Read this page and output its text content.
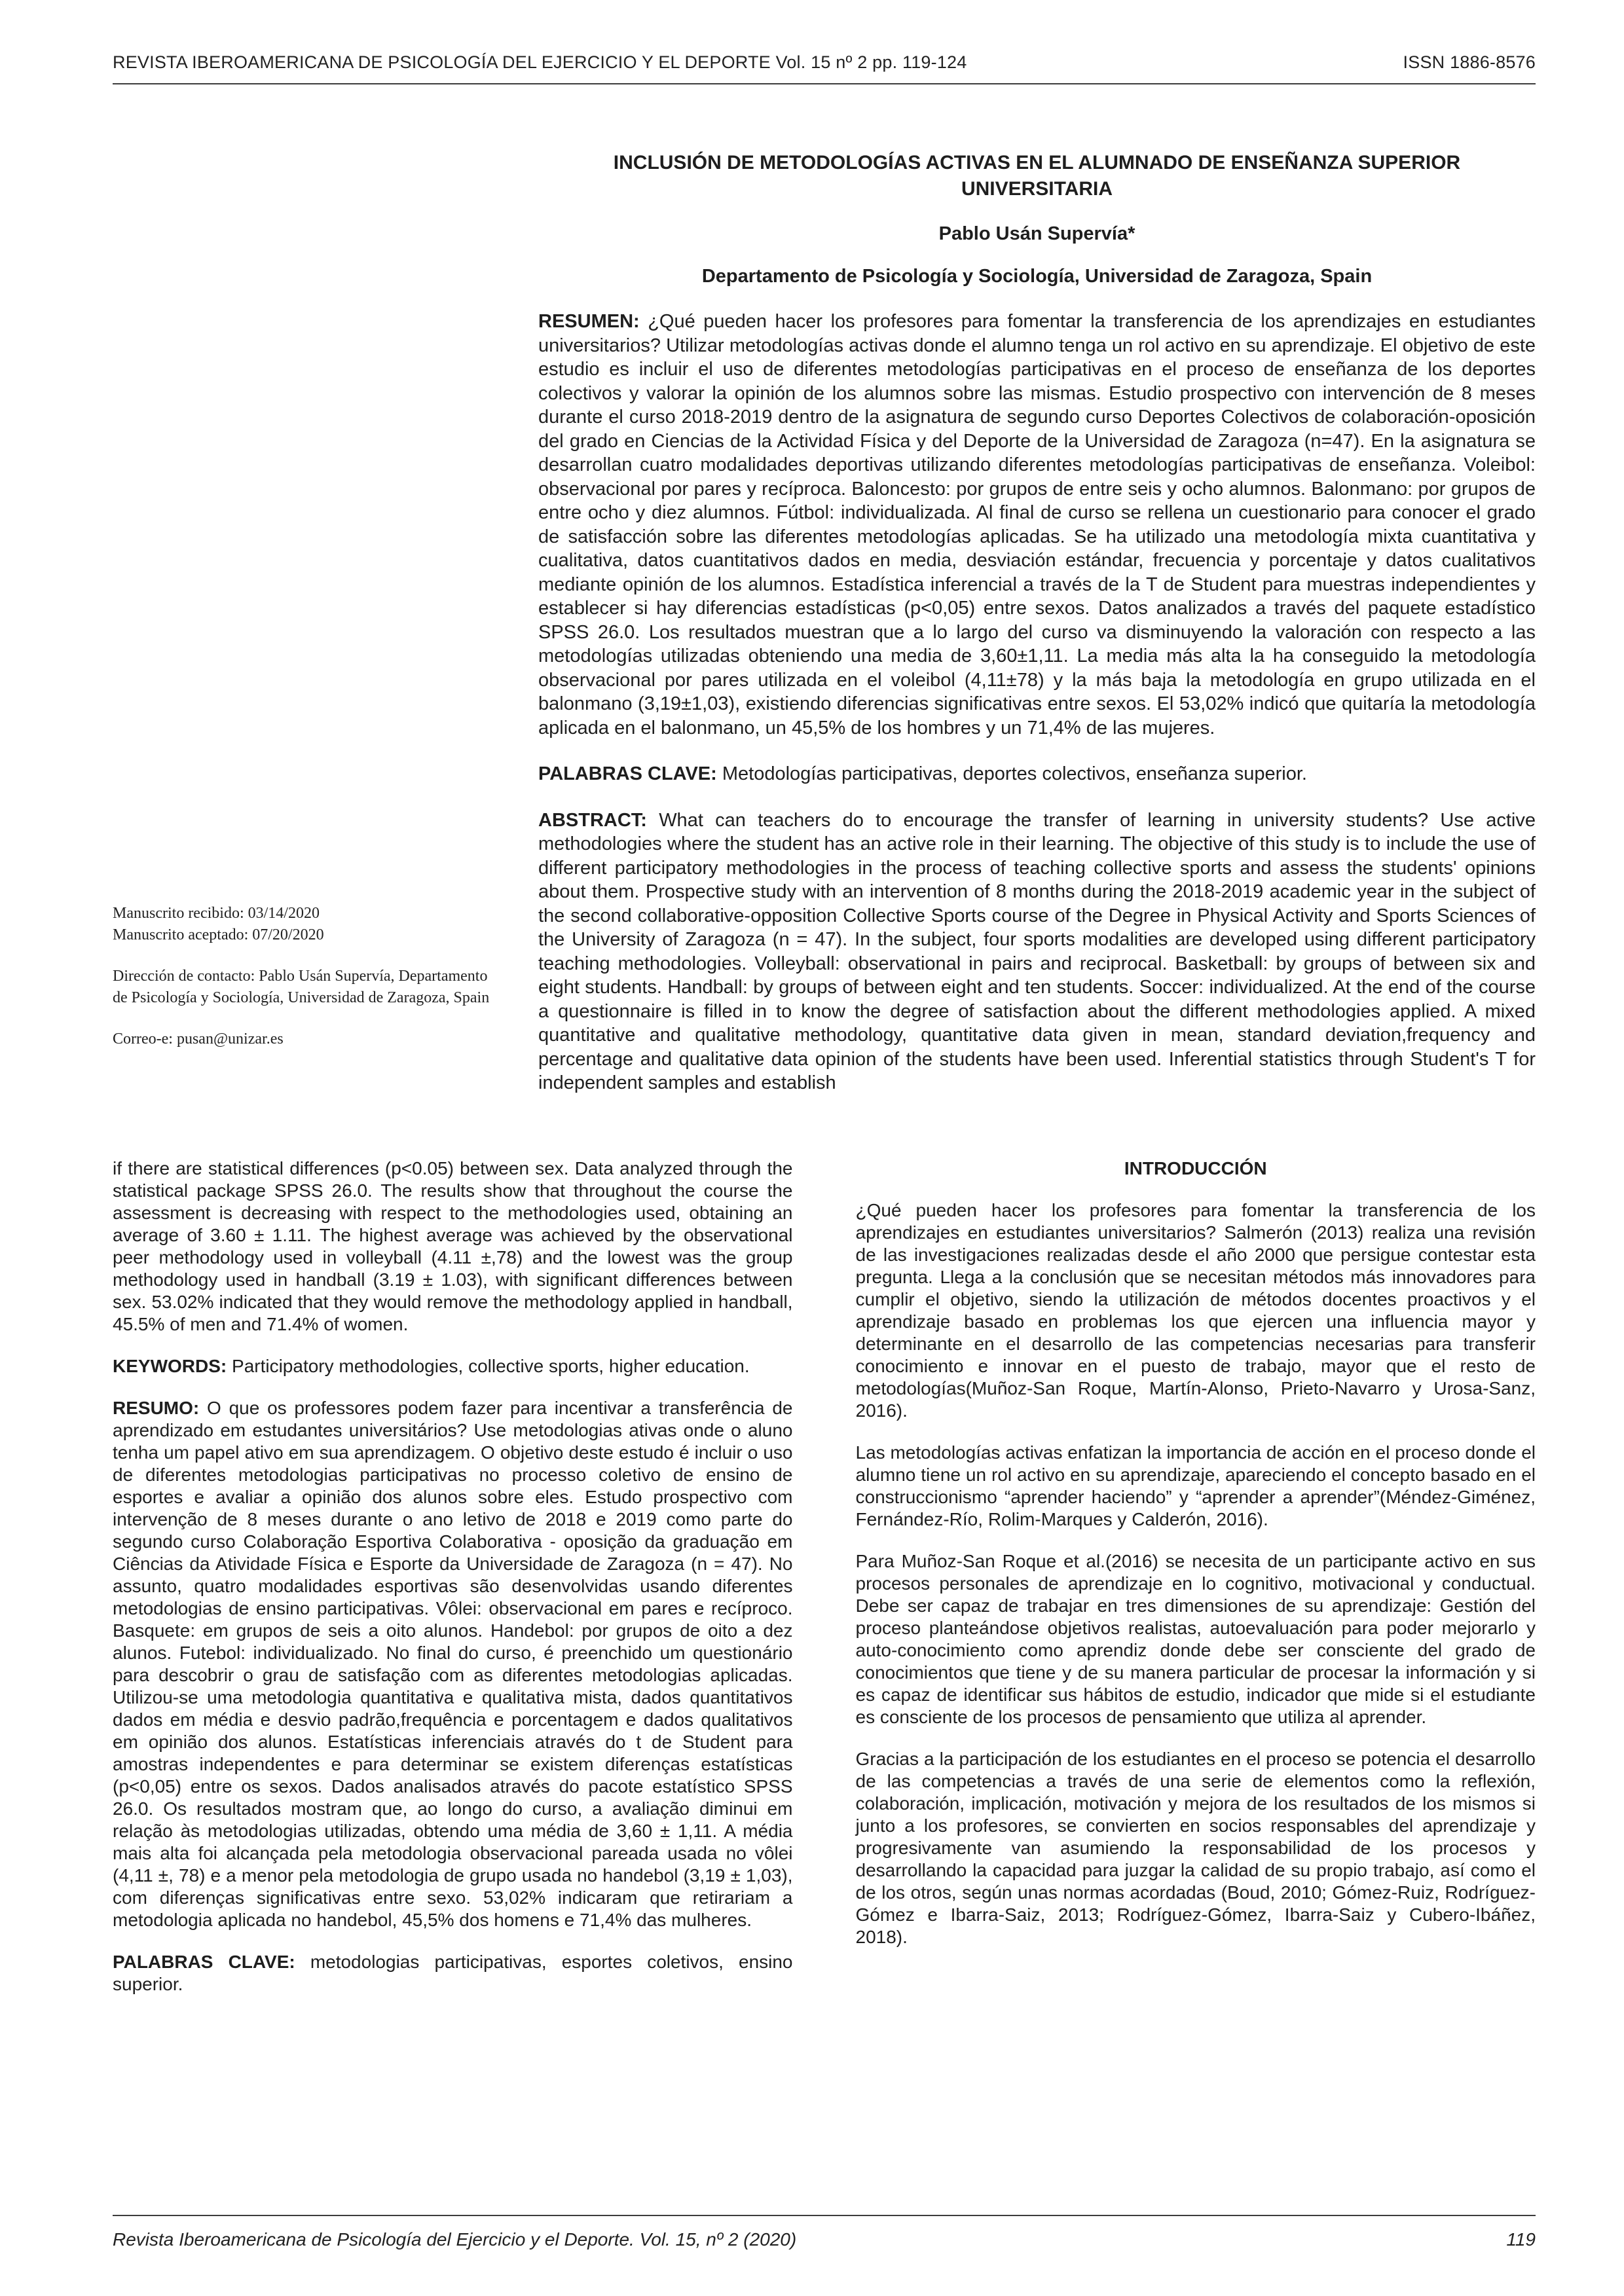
REVISTA IBEROAMERICANA DE PSICOLOGÍA DEL EJERCICIO Y EL DEPORTE Vol. 15 nº 2 pp. 119-124	ISSN 1886-8576

Manuscrito recibido: 03/14/2020

Manuscrito aceptado: 07/20/2020

Dirección de contacto: Pablo Usán Supervía, Departamento de Psicología y Sociología, Universidad de Zaragoza, Spain

Correo-e: pusan@unizar.es

INCLUSIÓN DE METODOLOGÍAS ACTIVAS EN EL ALUMNADO DE ENSEÑANZA SUPERIOR UNIVERSITARIA

Pablo Usán Supervía*

Departamento de Psicología y Sociología, Universidad de Zaragoza, Spain

RESUMEN: ¿Qué pueden hacer los profesores para fomentar la transferencia de los aprendizajes en estudiantes universitarios? Utilizar metodologías activas donde el alumno tenga un rol activo en su aprendizaje. El objetivo de este estudio es incluir el uso de diferentes metodologías participativas en el proceso de enseñanza de los deportes colectivos y valorar la opinión de los alumnos sobre las mismas. Estudio prospectivo con intervención de 8 meses durante el curso 2018-2019 dentro de la asignatura de segundo curso Deportes Colectivos de colaboración-oposición del grado en Ciencias de la Actividad Física y del Deporte de la Universidad de Zaragoza (n=47). En la asignatura se desarrollan cuatro modalidades deportivas utilizando diferentes metodologías participativas de enseñanza. Voleibol: observacional por pares y recíproca. Baloncesto: por grupos de entre seis y ocho alumnos. Balonmano: por grupos de entre ocho y diez alumnos. Fútbol: individualizada. Al final de curso se rellena un cuestionario para conocer el grado de satisfacción sobre las diferentes metodologías aplicadas. Se ha utilizado una metodología mixta cuantitativa y cualitativa, datos cuantitativos dados en media, desviación estándar, frecuencia y porcentaje y datos cualitativos mediante opinión de los alumnos. Estadística inferencial a través de la T de Student para muestras independientes y establecer si hay diferencias estadísticas (p<0,05) entre sexos. Datos analizados a través del paquete estadístico SPSS 26.0. Los resultados muestran que a lo largo del curso va disminuyendo la valoración con respecto a las metodologías utilizadas obteniendo una media de 3,60±1,11. La media más alta la ha conseguido la metodología observacional por pares utilizada en el voleibol (4,11±78) y la más baja la metodología en grupo utilizada en el balonmano (3,19±1,03), existiendo diferencias significativas entre sexos. El 53,02% indicó que quitaría la metodología aplicada en el balonmano, un 45,5% de los hombres y un 71,4% de las mujeres.

PALABRAS CLAVE: Metodologías participativas, deportes colectivos, enseñanza superior.

ABSTRACT: What can teachers do to encourage the transfer of learning in university students? Use active methodologies where the student has an active role in their learning. The objective of this study is to include the use of different participatory methodologies in the process of teaching collective sports and assess the students' opinions about them. Prospective study with an intervention of 8 months during the 2018-2019 academic year in the subject of the second collaborative-opposition Collective Sports course of the Degree in Physical Activity and Sports Sciences of the University of Zaragoza (n = 47). In the subject, four sports modalities are developed using different participatory teaching methodologies. Volleyball: observational in pairs and reciprocal. Basketball: by groups of between six and eight students. Handball: by groups of between eight and ten students. Soccer: individualized. At the end of the course a questionnaire is filled in to know the degree of satisfaction about the different methodologies applied. A mixed quantitative and qualitative methodology, quantitative data given in mean, standard deviation,frequency and percentage and qualitative data opinion of the students have been used. Inferential statistics through Student's T for independent samples and establish

if there are statistical differences (p<0.05) between sex. Data analyzed through the statistical package SPSS 26.0. The results show that throughout the course the assessment is decreasing with respect to the methodologies used, obtaining an average of 3.60 ± 1.11. The highest average was achieved by the observational peer methodology used in volleyball (4.11 ±,78) and the lowest was the group methodology used in handball (3.19 ± 1.03), with significant differences between sex. 53.02% indicated that they would remove the methodology applied in handball, 45.5% of men and 71.4% of women.

KEYWORDS: Participatory methodologies, collective sports, higher education.

RESUMO: O que os professores podem fazer para incentivar a transferência de aprendizado em estudantes universitários? Use metodologias ativas onde o aluno tenha um papel ativo em sua aprendizagem. O objetivo deste estudo é incluir o uso de diferentes metodologias participativas no processo coletivo de ensino de esportes e avaliar a opinião dos alunos sobre eles. Estudo prospectivo com intervenção de 8 meses durante o ano letivo de 2018 e 2019 como parte do segundo curso Colaboração Esportiva Colaborativa - oposição da graduação em Ciências da Atividade Física e Esporte da Universidade de Zaragoza (n = 47). No assunto, quatro modalidades esportivas são desenvolvidas usando diferentes metodologias de ensino participativas. Vôlei: observacional em pares e recíproco. Basquete: em grupos de seis a oito alunos. Handebol: por grupos de oito a dez alunos. Futebol: individualizado. No final do curso, é preenchido um questionário para descobrir o grau de satisfação com as diferentes metodologias aplicadas. Utilizou-se uma metodologia quantitativa e qualitativa mista, dados quantitativos dados em média e desvio padrão,frequência e porcentagem e dados qualitativos em opinião dos alunos. Estatísticas inferenciais através do t de Student para amostras independentes e para determinar se existem diferenças estatísticas (p<0,05) entre os sexos. Dados analisados através do pacote estatístico SPSS 26.0. Os resultados mostram que, ao longo do curso, a avaliação diminui em relação às metodologias utilizadas, obtendo uma média de 3,60 ± 1,11. A média mais alta foi alcançada pela metodologia observacional pareada usada no vôlei (4,11 ±, 78) e a menor pela metodologia de grupo usada no handebol (3,19 ± 1,03), com diferenças significativas entre sexo. 53,02% indicaram que retirariam a metodologia aplicada no handebol, 45,5% dos homens e 71,4% das mulheres.

PALABRAS CLAVE: metodologias participativas, esportes coletivos, ensino superior.

INTRODUCCIÓN

¿Qué pueden hacer los profesores para fomentar la transferencia de los aprendizajes en estudiantes universitarios? Salmerón (2013) realiza una revisión de las investigaciones realizadas desde el año 2000 que persigue contestar esta pregunta. Llega a la conclusión que se necesitan métodos más innovadores para cumplir el objetivo, siendo la utilización de métodos docentes proactivos y el aprendizaje basado en problemas los que ejercen una influencia mayor y determinante en el desarrollo de las competencias necesarias para transferir conocimiento e innovar en el puesto de trabajo, mayor que el resto de metodologías(Muñoz-San Roque, Martín-Alonso, Prieto-Navarro y Urosa-Sanz, 2016).

Las metodologías activas enfatizan la importancia de acción en el proceso donde el alumno tiene un rol activo en su aprendizaje, apareciendo el concepto basado en el construccionismo “aprender haciendo” y “aprender a aprender”(Méndez-Giménez, Fernández-Río, Rolim-Marques y Calderón, 2016).

Para Muñoz-San Roque et al.(2016) se necesita de un participante activo en sus procesos personales de aprendizaje en lo cognitivo, motivacional y conductual. Debe ser capaz de trabajar en tres dimensiones de su aprendizaje: Gestión del proceso planteándose objetivos realistas, autoevaluación para poder mejorarlo y auto-conocimiento como aprendiz donde debe ser consciente del grado de conocimientos que tiene y de su manera particular de procesar la información y si es capaz de identificar sus hábitos de estudio, indicador que mide si el estudiante es consciente de los procesos de pensamiento que utiliza al aprender.

Gracias a la participación de los estudiantes en el proceso se potencia el desarrollo de las competencias a través de una serie de elementos como la reflexión, colaboración, implicación, motivación y mejora de los resultados de los mismos si junto a los profesores, se convierten en socios responsables del aprendizaje y progresivamente van asumiendo la responsabilidad de los procesos y desarrollando la capacidad para juzgar la calidad de su propio trabajo, así como el de los otros, según unas normas acordadas (Boud, 2010; Gómez-Ruiz, Rodríguez-Gómez e Ibarra-Saiz, 2013; Rodríguez-Gómez, Ibarra-Saiz y Cubero-Ibáñez, 2018).

Revista Iberoamericana de Psicología del Ejercicio y el Deporte. Vol. 15, nº 2 (2020)	119
